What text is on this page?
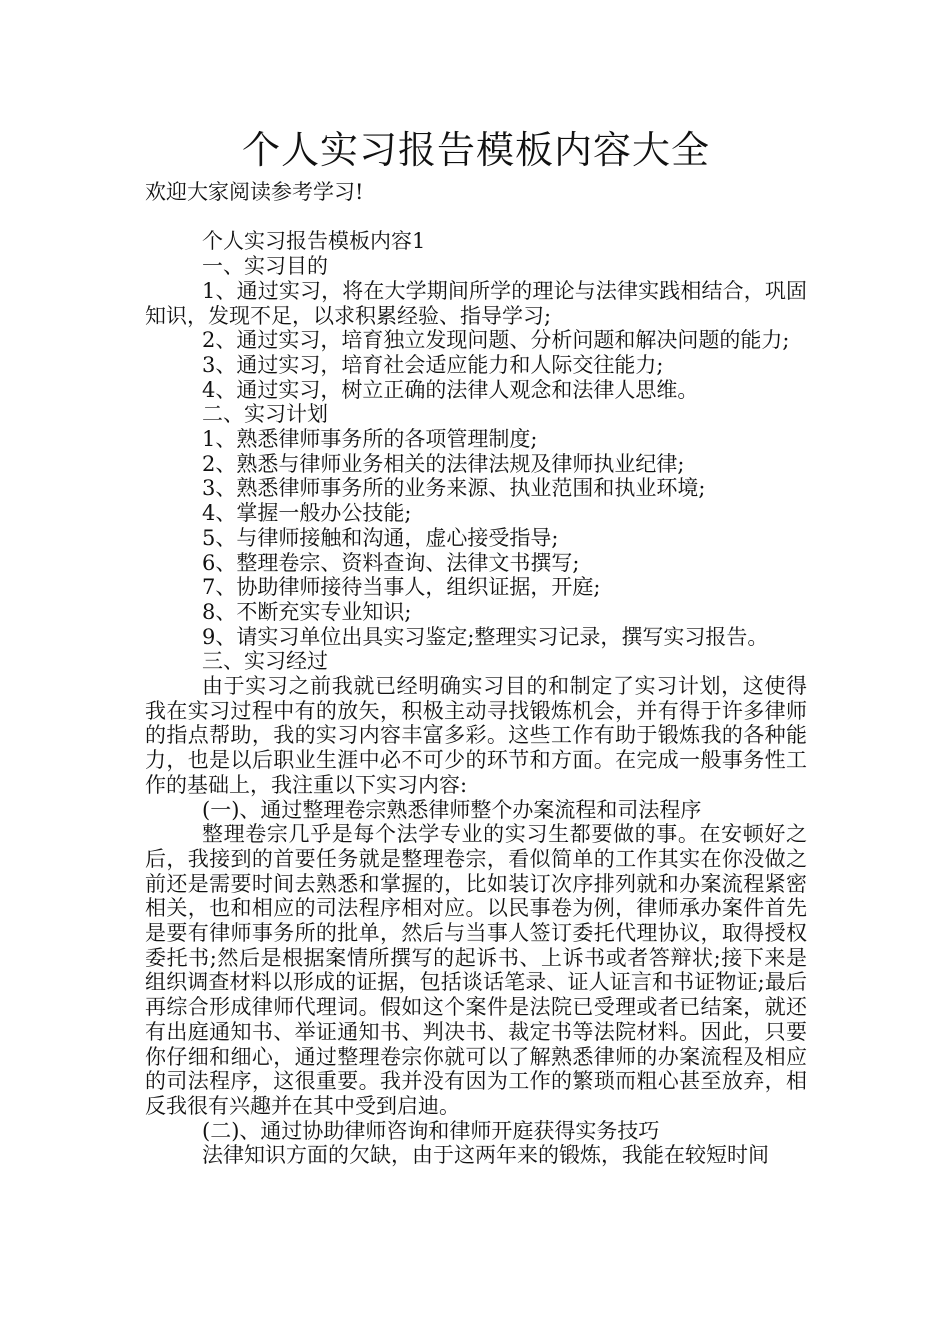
个人实习报告模板内容大全

欢迎大家阅读参考学习!

个人实习报告模板内容1

一、实习目的

1、通过实习，将在大学期间所学的理论与法律实践相结合，巩固知识，发现不足，以求积累经验、指导学习;

2、通过实习，培育独立发现问题、分析问题和解决问题的能力;

3、通过实习，培育社会适应能力和人际交往能力;

4、通过实习，树立正确的法律人观念和法律人思维。

二、实习计划

1、熟悉律师事务所的各项管理制度;

2、熟悉与律师业务相关的法律法规及律师执业纪律;

3、熟悉律师事务所的业务来源、执业范围和执业环境;

4、掌握一般办公技能;

5、与律师接触和沟通，虚心接受指导;

6、整理卷宗、资料查询、法律文书撰写;

7、协助律师接待当事人，组织证据，开庭;

8、不断充实专业知识;

9、请实习单位出具实习鉴定;整理实习记录，撰写实习报告。

三、实习经过

由于实习之前我就已经明确实习目的和制定了实习计划，这使得我在实习过程中有的放矢，积极主动寻找锻炼机会，并有得于许多律师的指点帮助，我的实习内容丰富多彩。这些工作有助于锻炼我的各种能力，也是以后职业生涯中必不可少的环节和方面。在完成一般事务性工作的基础上，我注重以下实习内容:

(一)、通过整理卷宗熟悉律师整个办案流程和司法程序

整理卷宗几乎是每个法学专业的实习生都要做的事。在安顿好之后，我接到的首要任务就是整理卷宗，看似简单的工作其实在你没做之前还是需要时间去熟悉和掌握的，比如装订次序排列就和办案流程紧密相关，也和相应的司法程序相对应。以民事卷为例，律师承办案件首先是要有律师事务所的批单，然后与当事人签订委托代理协议，取得授权委托书;然后是根据案情所撰写的起诉书、上诉书或者答辩状;接下来是组织调查材料以形成的证据，包括谈话笔录、证人证言和书证物证;最后再综合形成律师代理词。假如这个案件是法院已受理或者已结案，就还有出庭通知书、举证通知书、判决书、裁定书等法院材料。因此，只要你仔细和细心，通过整理卷宗你就可以了解熟悉律师的办案流程及相应的司法程序，这很重要。我并没有因为工作的繁琐而粗心甚至放弃，相反我很有兴趣并在其中受到启迪。

(二)、通过协助律师咨询和律师开庭获得实务技巧

法律知识方面的欠缺，由于这两年来的锻炼，我能在较短时间
